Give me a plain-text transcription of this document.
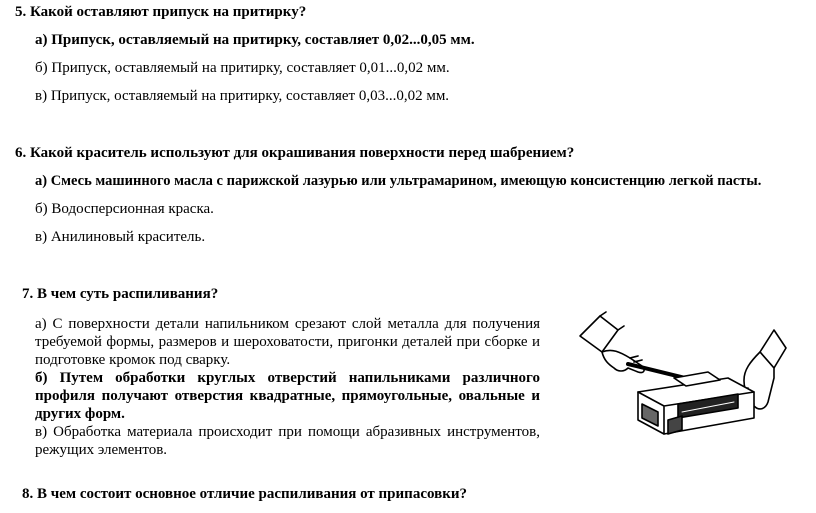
5. Какой оставляют припуск на притирку?
а) Припуск, оставляемый на притирку, составляет 0,02...0,05 мм.
б) Припуск, оставляемый на притирку, составляет 0,01...0,02 мм.
в) Припуск, оставляемый на притирку, составляет 0,03...0,02 мм.
6. Какой краситель используют для окрашивания поверхности перед шабрением?
а) Смесь машинного масла с парижской лазурью или ультрамарином, имеющую консистенцию легкой пасты.
б) Водосперсионная краска.
в) Анилиновый краситель.
7. В чем суть распиливания?
а) С поверхности детали напильником срезают слой металла для получения требуемой формы, размеров и шероховатости, пригонки деталей при сборке и подготовке кромок под сварку.
б) Путем обработки круглых отверстий напильниками различного профиля получают отверстия квадратные, прямоугольные, овальные и других форм.
в) Обработка материала происходит при помощи абразивных инструментов, режущих элементов.
8. В чем состоит основное отличие распиливания от припасовки?
